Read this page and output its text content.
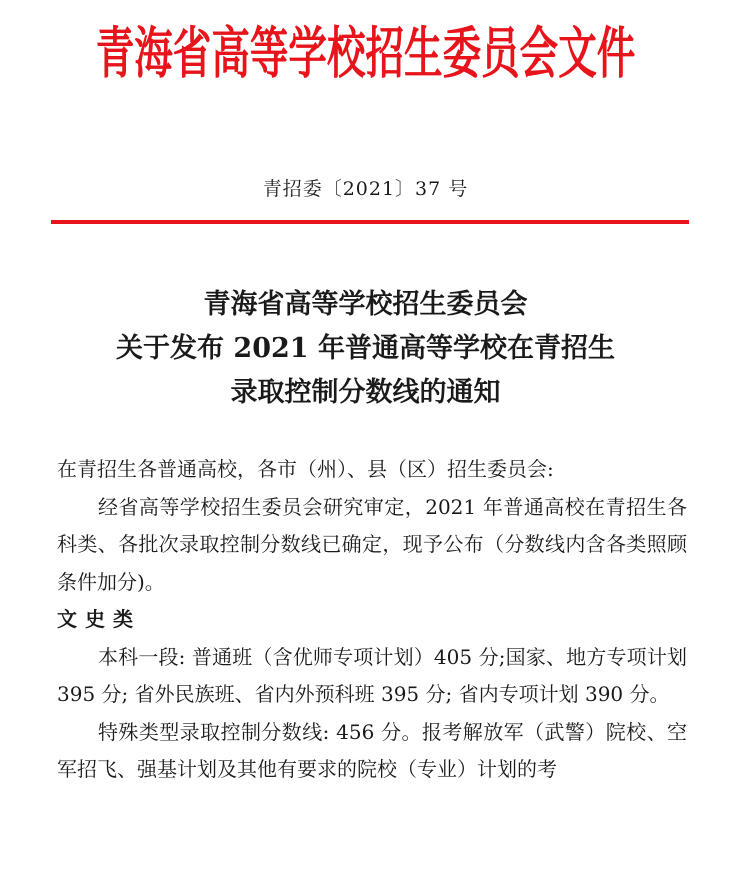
青海省高等学校招生委员会文件
青招委〔2021〕37 号
青海省高等学校招生委员会
关于发布 2021 年普通高等学校在青招生
录取控制分数线的通知

在青招生各普通高校，各市（州）、县（区）招生委员会:

经省高等学校招生委员会研究审定，2021 年普通高校在青招生各科类、各批次录取控制分数线已确定，现予公布（分数线内含各类照顾条件加分)。

文史类

本科一段: 普通班（含优师专项计划）405 分;国家、地方专项计划 395 分; 省外民族班、省内外预科班 395 分; 省内专项计划 390 分。

特殊类型录取控制分数线: 456 分。报考解放军（武警）院校、空军招飞、强基计划及其他有要求的院校（专业）计划的考
